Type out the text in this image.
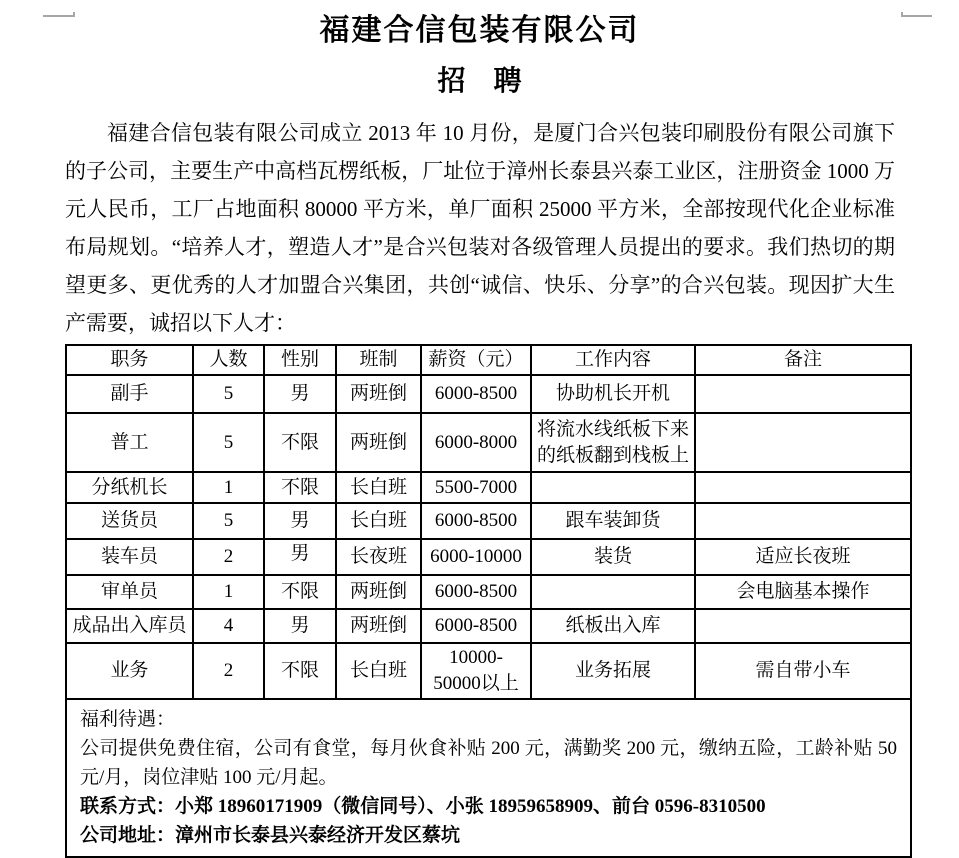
福建合信包装有限公司
招　聘

福建合信包装有限公司成立 2013 年 10 月份，是厦门合兴包装印刷股份有限公司旗下的子公司，主要生产中高档瓦楞纸板，厂址位于漳州长泰县兴泰工业区，注册资金 1000 万元人民币，工厂占地面积 80000 平方米，单厂面积 25000 平方米，全部按现代化企业标准布局规划。“培养人才，塑造人才”是合兴包装对各级管理人员提出的要求。我们热切的期望更多、更优秀的人才加盟合兴集团，共创“诚信、快乐、分享”的合兴包装。现因扩大生产需要，诚招以下人才：

职务	人数	性别	班制	薪资（元）	工作内容	备注
副手	5	男	两班倒	6000-8500	协助机长开机	
普工	5	不限	两班倒	6000-8000	将流水线纸板下来的纸板翻到栈板上	
分纸机长	1	不限	长白班	5500-7000		
送货员	5	男	长白班	6000-8500	跟车装卸货	
装车员	2	男	长夜班	6000-10000	装货	适应长夜班
审单员	1	不限	两班倒	6000-8500		会电脑基本操作
成品出入库员	4	男	两班倒	6000-8500	纸板出入库	
业务	2	不限	长白班	10000-50000以上	业务拓展	需自带小车

福利待遇：

公司提供免费住宿，公司有食堂，每月伙食补贴 200 元，满勤奖 200 元，缴纳五险，工龄补贴 50 元/月，岗位津贴 100 元/月起。

联系方式：小郑 18960171909（微信同号）、小张 18959658909、前台 0596-8310500

公司地址：漳州市长泰县兴泰经济开发区蔡坑						
